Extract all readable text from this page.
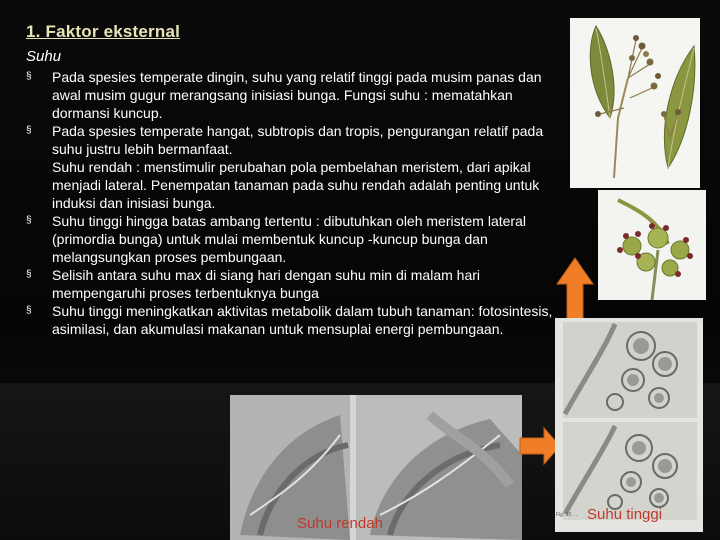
1. Faktor eksternal
Suhu
§ Pada spesies temperate dingin, suhu yang relatif tinggi pada musim panas dan awal musim gugur merangsang inisiasi bunga. Fungsi suhu : mematahkan dormansi kuncup.
§ Pada spesies temperate hangat, subtropis dan tropis, pengurangan relatif pada suhu justru lebih bermanfaat.
Suhu rendah : menstimulir perubahan pola pembelahan meristem, dari apikal menjadi lateral. Penempatan tanaman pada suhu rendah adalah penting untuk induksi dan inisiasi bunga.
§ Suhu tinggi hingga batas ambang tertentu : dibutuhkan oleh meristem lateral (primordia bunga) untuk mulai membentuk kuncup -kuncup bunga dan melangsungkan proses pembungaan.
§ Selisih antara suhu max di siang hari dengan suhu min di malam hari mempengaruhi proses terbentuknya bunga
§ Suhu tinggi meningkatkan aktivitas metabolik dalam tubuh tanaman: fotosintesis, asimilasi, dan akumulasi makanan untuk mensuplai energi pembungaan.
Fig. 10. ...
Suhu rendah
Suhu tinggi
